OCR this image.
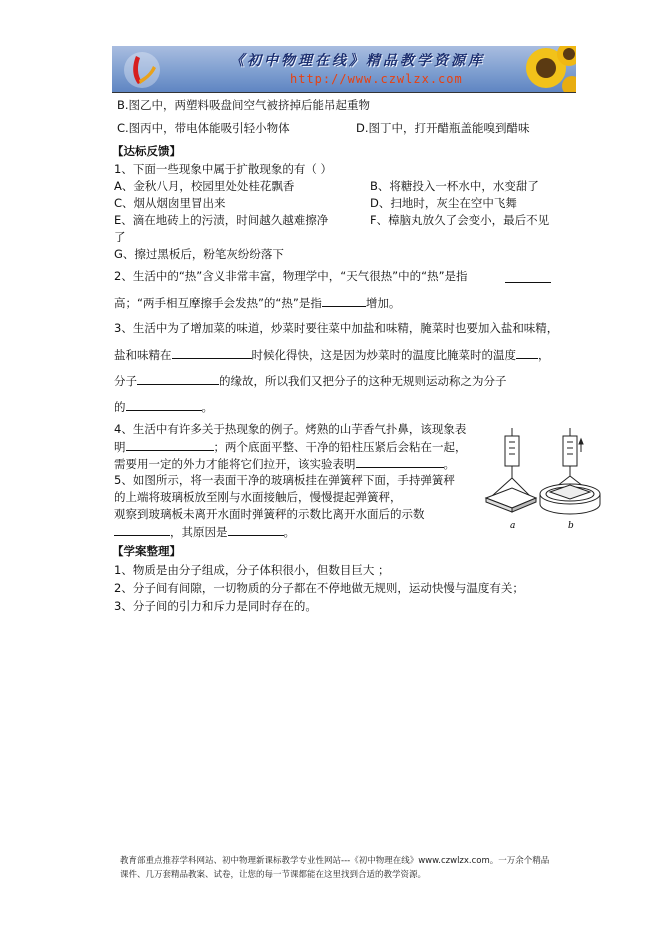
《初中物理在线》精品教学资源库
http://www.czwlzx.com
B.图乙中，两塑料吸盘间空气被挤掉后能吊起重物
C.图丙中，带电体能吸引轻小物体	D.图丁中，打开醋瓶盖能嗅到醋味
【达标反馈】
1、下面一些现象中属于扩散现象的有（ ）
A、金秋八月，校园里处处桂花飘香	B、将糖投入一杯水中，水变甜了
C、烟从烟囱里冒出来	D、扫地时，灰尘在空中飞舞
E、滴在地砖上的污渍，时间越久越难擦净	F、樟脑丸放久了会变小，最后不见
了
G、擦过黑板后，粉笔灰纷纷落下
2、生活中的“热”含义非常丰富，物理学中，“天气很热”中的“热”是指
高；“两手相互摩擦手会发热”的“热”是指	增加。
3、生活中为了增加菜的味道，炒菜时要往菜中加盐和味精，腌菜时也要加入盐和味精，
盐和味精在	时候化得快，这是因为炒菜时的温度比腌菜时的温度 ，
分子	的缘故，所以我们又把分子的这种无规则运动称之为分子
的	。
4、生活中有许多关于热现象的例子。烤熟的山芋香气扑鼻，该现象表
明	；两个底面平整、干净的铅柱压紧后会粘在一起，
需要用一定的外力才能将它们拉开，该实验表明	。
5、如图所示，将一表面干净的玻璃板挂在弹簧秤下面，手持弹簧秤
的上端将玻璃板放至刚与水面接触后，慢慢提起弹簧秤，
观察到玻璃板未离开水面时弹簧秤的示数比离开水面后的示数
，其原因是	。	a	b
【学案整理】
1、物质是由分子组成，分子体积很小，但数目巨大 ；
2、分子间有间隙，一切物质的分子都在不停地做无规则，运动快慢与温度有关；
3、分子间的引力和斥力是同时存在的。
教育部重点推荐学科网站、初中物理新课标教学专业性网站---《初中物理在线》www.czwlzx.com。一万余个精品课件、几万套精品教案、试卷，让您的每一节课都能在这里找到合适的教学资源。
